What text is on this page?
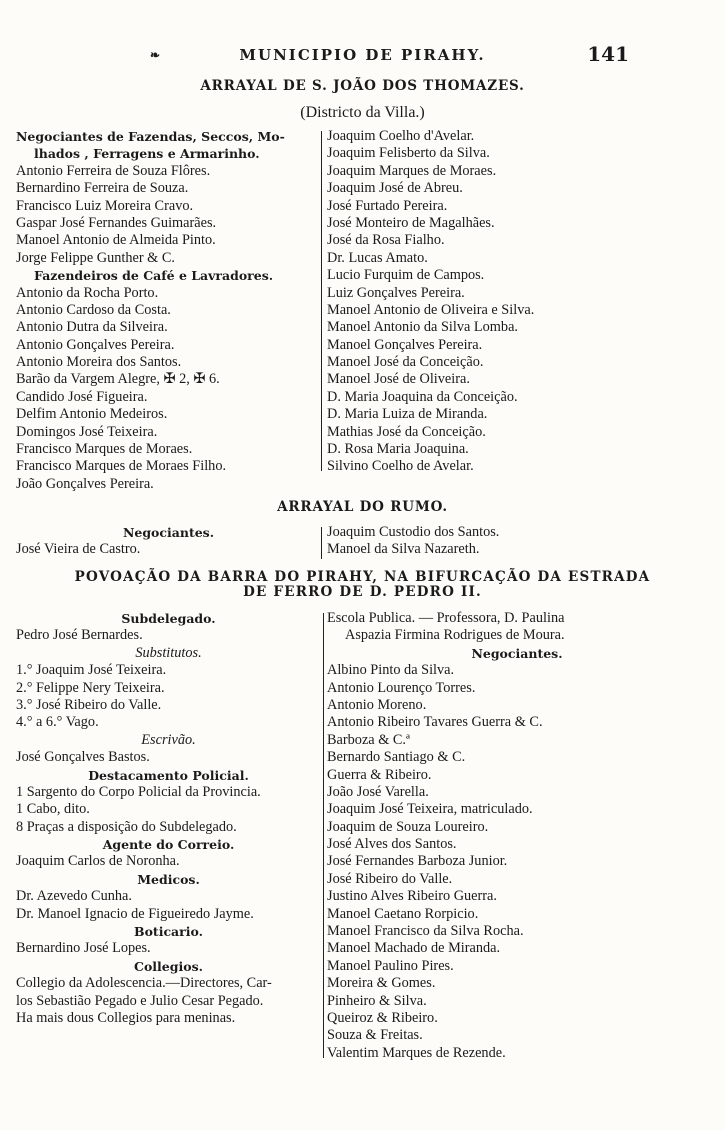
❧	MUNICIPIO DE PIRAHY.	141
ARRAYAL DE S. JOÃO DOS THOMAZES.
(Districto da Villa.)
Negociantes de Fazendas, Seccos, Mo-
lhados , Ferragens e Armarinho.
Antonio Ferreira de Souza Flôres.
Bernardino Ferreira de Souza.
Francisco Luiz Moreira Cravo.
Gaspar José Fernandes Guimarães.
Manoel Antonio de Almeida Pinto.
Jorge Felippe Gunther & C.
Fazendeiros de Café e Lavradores.
Antonio da Rocha Porto.
Antonio Cardoso da Costa.
Antonio Dutra da Silveira.
Antonio Gonçalves Pereira.
Antonio Moreira dos Santos.
Barão da Vargem Alegre, ✠ 2, ✠ 6.
Candido José Figueira.
Delfim Antonio Medeiros.
Domingos José Teixeira.
Francisco Marques de Moraes.
Francisco Marques de Moraes Filho.
João Gonçalves Pereira.
Joaquim Coelho d'Avelar.
Joaquim Felisberto da Silva.
Joaquim Marques de Moraes.
Joaquim José de Abreu.
José Furtado Pereira.
José Monteiro de Magalhães.
José da Rosa Fialho.
Dr. Lucas Amato.
Lucio Furquim de Campos.
Luiz Gonçalves Pereira.
Manoel Antonio de Oliveira e Silva.
Manoel Antonio da Silva Lomba.
Manoel Gonçalves Pereira.
Manoel José da Conceição.
Manoel José de Oliveira.
D. Maria Joaquina da Conceição.
D. Maria Luiza de Miranda.
Mathias José da Conceição.
D. Rosa Maria Joaquina.
Silvino Coelho de Avelar.
ARRAYAL DO RUMO.
Negociantes.
José Vieira de Castro.
Joaquim Custodio dos Santos.
Manoel da Silva Nazareth.
POVOAÇÃO DA BARRA DO PIRAHY, NA BIFURCAÇÃO DA ESTRADA
DE FERRO DE D. PEDRO II.
Subdelegado.
Pedro José Bernardes.
Substitutos.
1.° Joaquim José Teixeira.
2.° Felippe Nery Teixeira.
3.° José Ribeiro do Valle.
4.° a 6.° Vago.
Escrivão.
José Gonçalves Bastos.
Destacamento Policial.
1 Sargento do Corpo Policial da Provincia.
1 Cabo, dito.
8 Praças a disposição do Subdelegado.
Agente do Correio.
Joaquim Carlos de Noronha.
Medicos.
Dr. Azevedo Cunha.
Dr. Manoel Ignacio de Figueiredo Jayme.
Boticario.
Bernardino José Lopes.
Collegios.
Collegio da Adolescencia.—Directores, Car-
los Sebastião Pegado e Julio Cesar Pegado.
Ha mais dous Collegios para meninas.
Escola Publica. — Professora, D. Paulina
Aspazia Firmina Rodrigues de Moura.
Negociantes.
Albino Pinto da Silva.
Antonio Lourenço Torres.
Antonio Moreno.
Antonio Ribeiro Tavares Guerra & C.
Barboza & C.ª
Bernardo Santiago & C.
Guerra & Ribeiro.
João José Varella.
Joaquim José Teixeira, matriculado.
Joaquim de Souza Loureiro.
José Alves dos Santos.
José Fernandes Barboza Junior.
José Ribeiro do Valle.
Justino Alves Ribeiro Guerra.
Manoel Caetano Rorpicio.
Manoel Francisco da Silva Rocha.
Manoel Machado de Miranda.
Manoel Paulino Pires.
Moreira & Gomes.
Pinheiro & Silva.
Queiroz & Ribeiro.
Souza & Freitas.
Valentim Marques de Rezende.
